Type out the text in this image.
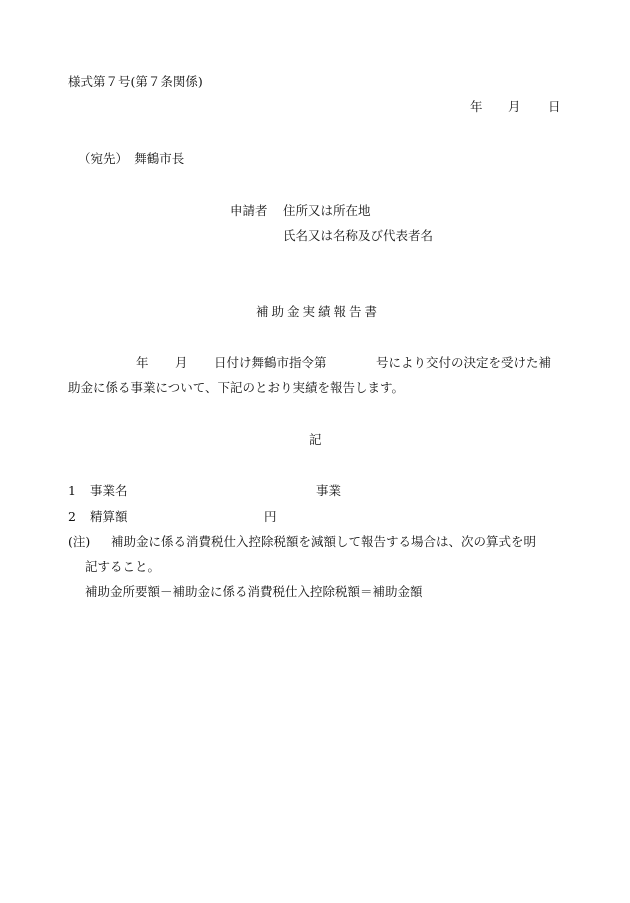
様式第７号(第７条関係)
年 月 日
（宛先）　舞鶴市長
申請者 住所又は所在地
氏名又は名称及び代表者名
補助金実績報告書
年 月 日付け舞鶴市指令第	号により交付の決定を受けた補
助金に係る事業について、下記のとおり実績を報告します。
記
1 事業名	事業
2 精算額	円
(注) 補助金に係る消費税仕入控除税額を減額して報告する場合は、次の算式を明
記すること。
補助金所要額－補助金に係る消費税仕入控除税額＝補助金額
